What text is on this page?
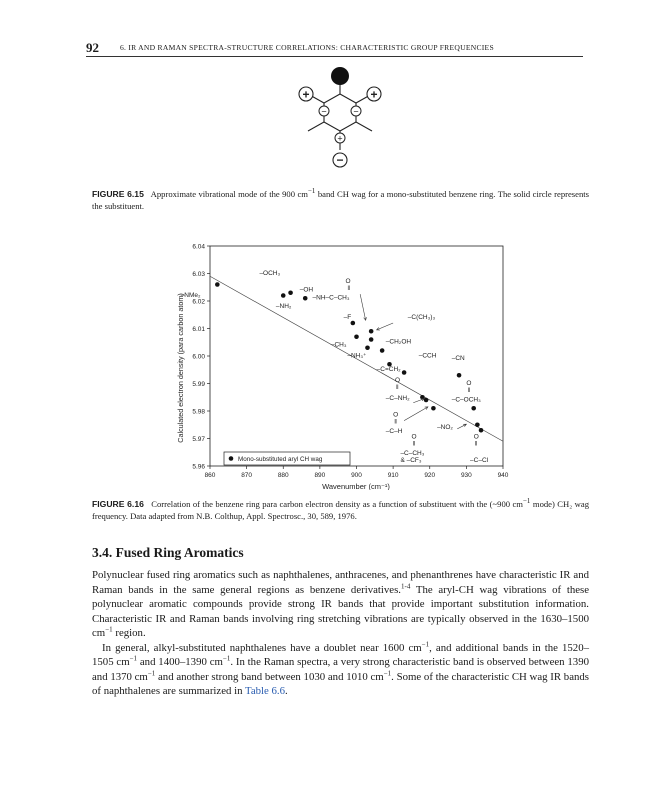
92	6. IR AND RAMAN SPECTRA-STRUCTURE CORRELATIONS: CHARACTERISTIC GROUP FREQUENCIES
+	+
−	−
+
−
FIGURE 6.15 Approximate vibrational mode of the 900 $cm^{-1}$ band CH wag for a mono-substituted benzene ring. The solid circle represents the substituent.
860	870	880	890	900	910	920	930	940
5.96
5.97
5.98
5.99
6.00
6.01
6.02
6.03
6.04
–NMe₂
–OCH₃
–OH
–NH₂
O
‖
–NH–C–CH₃
–F	–C(CH₃)₃
–CH₃	–CH₂OH
–NH₃⁺	–CCH –CN
–C=CH₂
O
‖
–C–NH₂
O
‖
–C–OCH₃
O
‖
–C–H
–NO₂
O
‖
–C–CH₃
& –CF₃
O
‖
–C–Cl
Mono-substituted aryl CH wag
Wavenumber (cm⁻¹)
Calculated electron density (para carbon atom)
FIGURE 6.16 Correlation of the benzene ring para carbon electron density as a function of substituent with the (~900 $cm^{-1}$ mode) CH₂ wag frequency. Data adapted from N.B. Colthup, Appl. Spectrosc., 30, 589, 1976.
3.4. Fused Ring Aromatics

Polynuclear fused ring aromatics such as naphthalenes, anthracenes, and phenanthrenes have characteristic IR and Raman bands in the same general regions as benzene derivatives.$^{1-4}$ The aryl-CH wag vibrations of these polynuclear aromatic compounds provide strong IR bands that provide important substitution information. Characteristic IR and Raman bands involving ring stretching vibrations are typically observed in the 1630–1500 $cm^{-1}$ region.

In general, alkyl-substituted naphthalenes have a doublet near 1600 $cm^{-1}$, and additional bands in the 1520–1505 $cm^{-1}$ and 1400–1390 $cm^{-1}$. In the Raman spectra, a very strong characteristic band is observed between 1390 and 1370 $cm^{-1}$ and another strong band between 1030 and 1010 $cm^{-1}$. Some of the characteristic CH wag IR bands of naphthalenes are summarized in Table 6.6.
